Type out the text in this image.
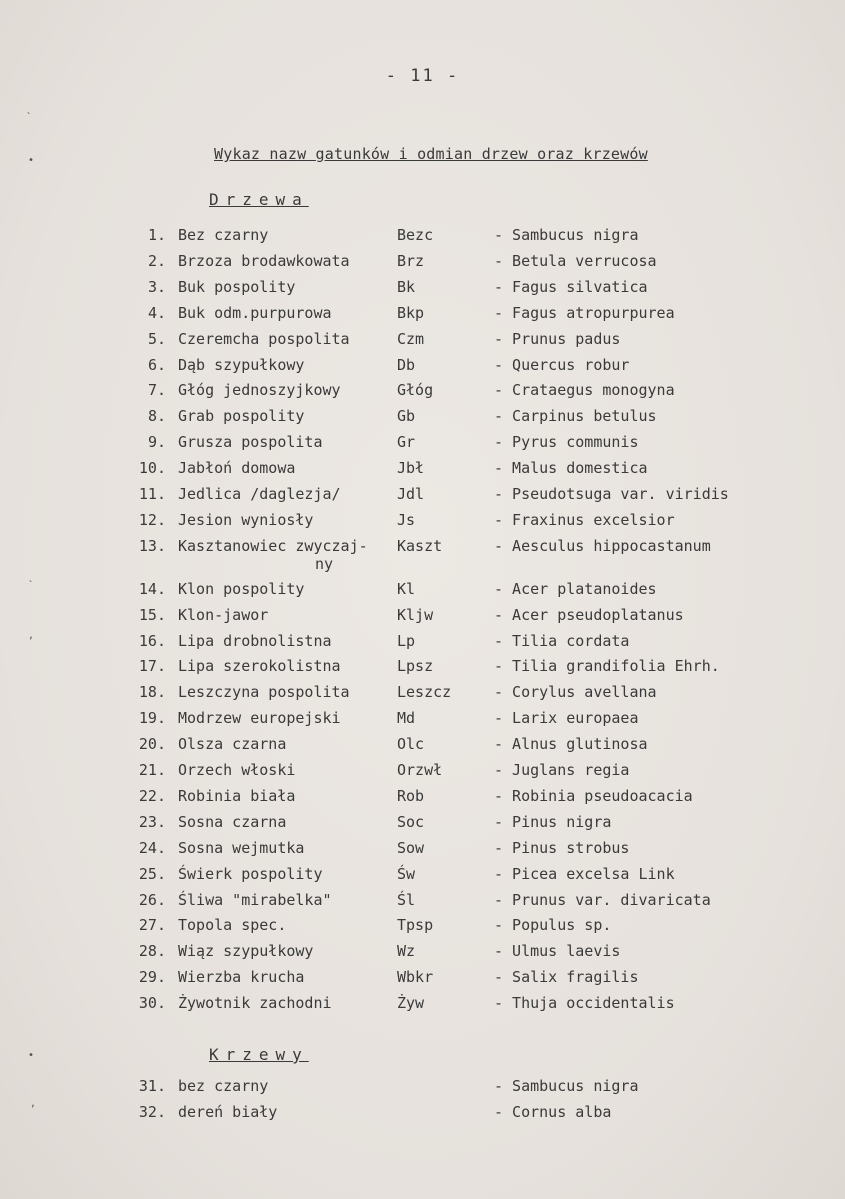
- 11 -
Wykaz nazw gatunków i odmian drzew oraz krzewów
Drzewa
1. Bez czarny	Bezc	- Sambucus nigra
2. Brzoza brodawkowata	Brz	- Betula verrucosa
3. Buk pospolity	Bk	- Fagus silvatica
4. Buk odm.purpurowa	Bkp	- Fagus atropurpurea
5. Czeremcha pospolita	Czm	- Prunus padus
6. Dąb szypułkowy	Db	- Quercus robur
7. Głóg jednoszyjkowy	Głóg	- Crataegus monogyna
8. Grab pospolity	Gb	- Carpinus betulus
9. Grusza pospolita	Gr	- Pyrus communis
10. Jabłoń domowa	Jbł	- Malus domestica
11. Jedlica /daglezja/	Jdl	- Pseudotsuga var. viridis
12. Jesion wyniosły	Js	- Fraxinus excelsior
13. Kasztanowiec zwyczaj- Kaszt	- Aesculus hippocastanum
ny
14. Klon pospolity	Kl	- Acer platanoides
15. Klon-jawor	Kljw	- Acer pseudoplatanus
16. Lipa drobnolistna	Lp	- Tilia cordata
17. Lipa szerokolistna	Lpsz	- Tilia grandifolia Ehrh.
18. Leszczyna pospolita	Leszcz	- Corylus avellana
19. Modrzew europejski	Md	- Larix europaea
20. Olsza czarna	Olc	- Alnus glutinosa
21. Orzech włoski	Orzwł	- Juglans regia
22. Robinia biała	Rob	- Robinia pseudoacacia
23. Sosna czarna	Soc	- Pinus nigra
24. Sosna wejmutka	Sow	- Pinus strobus
25. Świerk pospolity	Św	- Picea excelsa Link
26. Śliwa "mirabelka"	Śl	- Prunus var. divaricata
27. Topola spec.	Tpsp	- Populus sp.
28. Wiąz szypułkowy	Wz	- Ulmus laevis
29. Wierzba krucha	Wbkr	- Salix fragilis
30. Żywotnik zachodni	Żyw	- Thuja occidentalis
Krzewy
31. bez czarny	- Sambucus nigra
32. dereń biały	- Cornus alba
`
•
`
,
•
,
